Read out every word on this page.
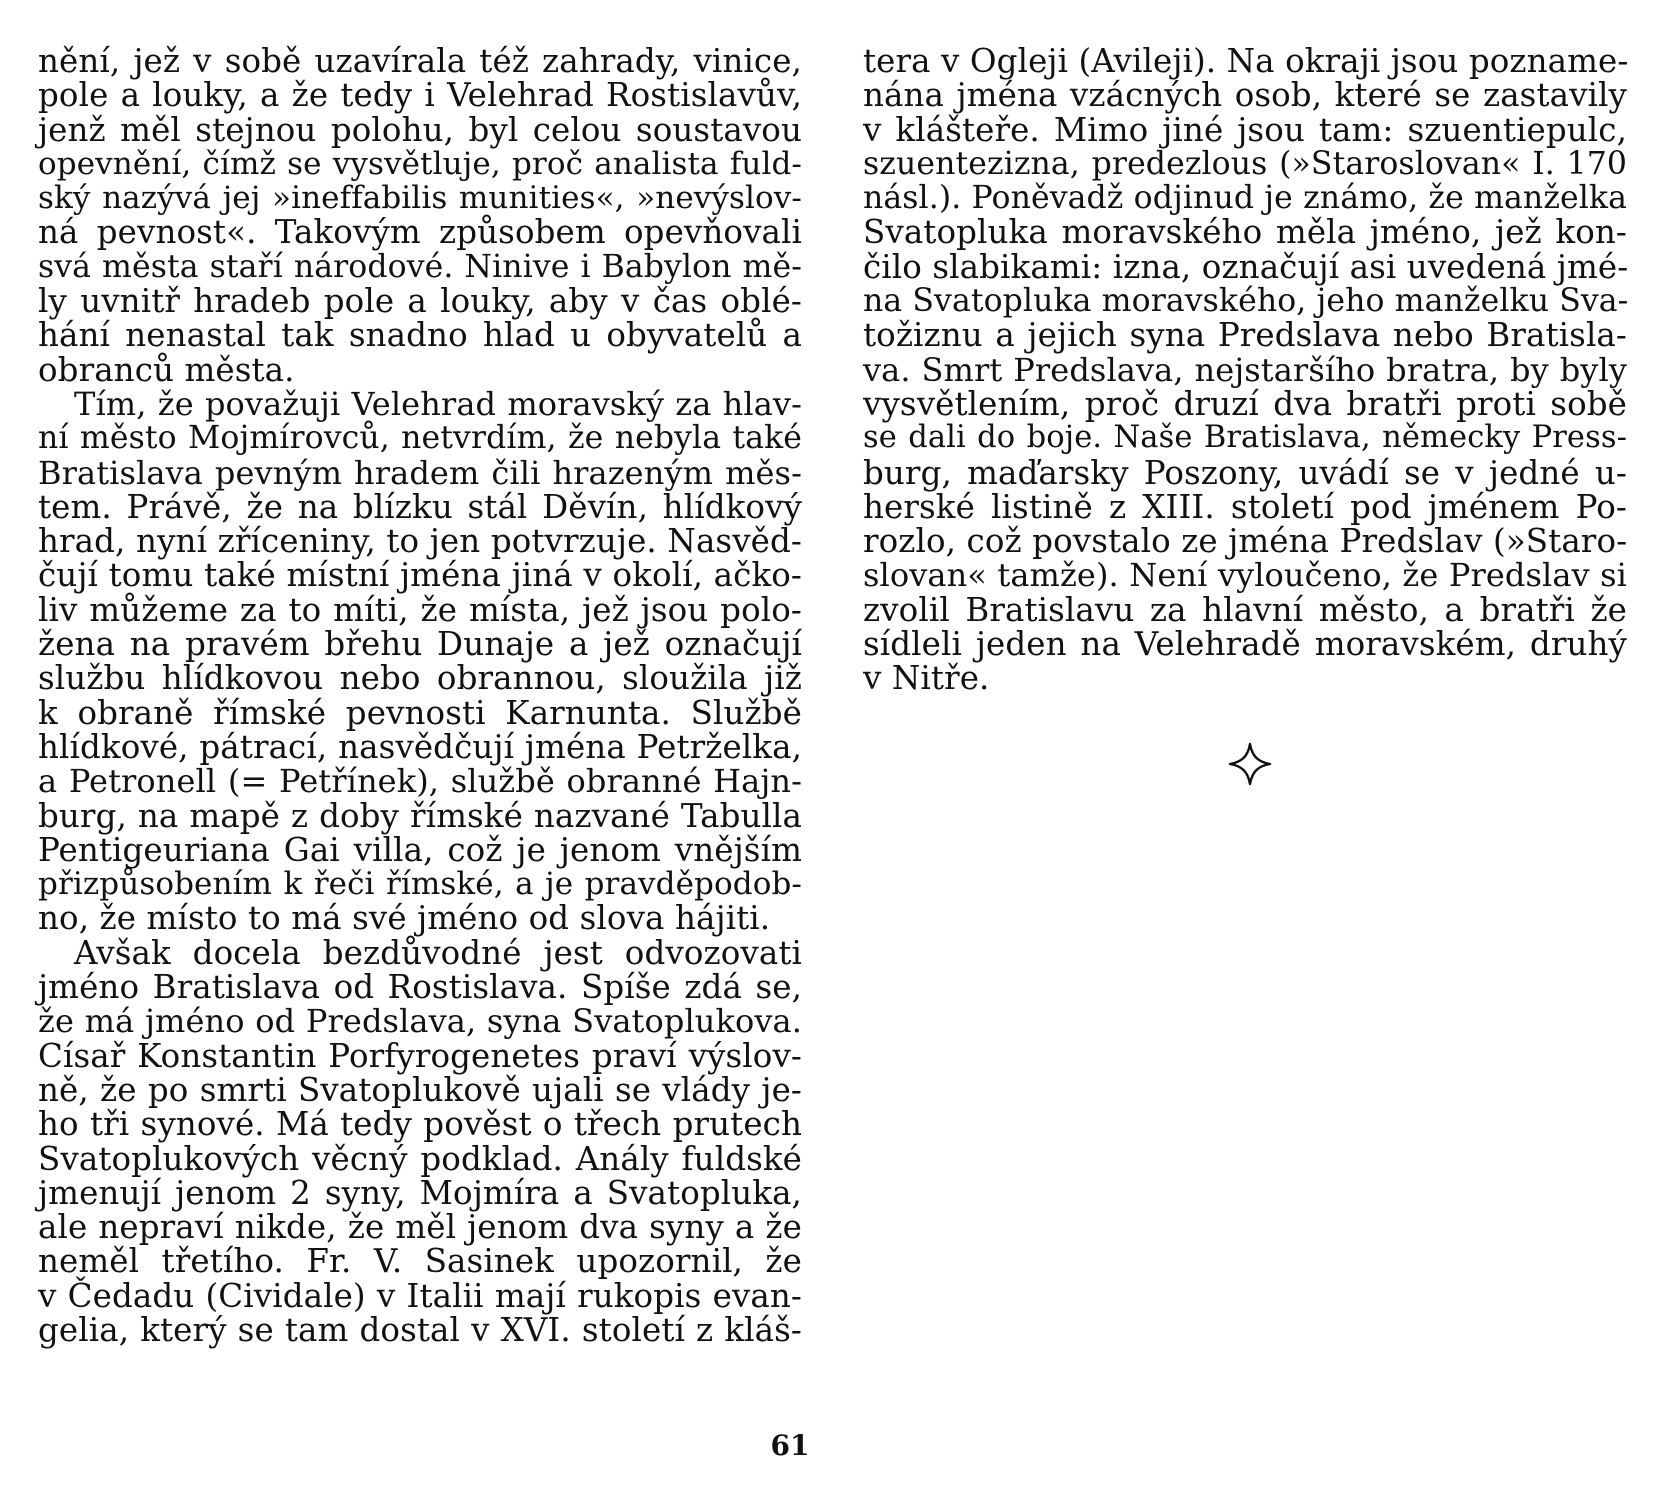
nění, jež v sobě uzavírala též zahrady, vinice,
pole a louky, a že tedy i Velehrad Rostislavův,
jenž měl stejnou polohu, byl celou soustavou
opevnění, čímž se vysvětluje, proč analista fuld-
ský nazývá jej »ineffabilis munities«, »nevýslov-
ná pevnost«. Takovým způsobem opevňovali
svá města staří národové. Ninive i Babylon mě-
ly uvnitř hradeb pole a louky, aby v čas oblé-
hání nenastal tak snadno hlad u obyvatelů a
obranců města.
Tím, že považuji Velehrad moravský za hlav-
ní město Mojmírovců, netvrdím, že nebyla také
Bratislava pevným hradem čili hrazeným měs-
tem. Právě, že na blízku stál Děvín, hlídkový
hrad, nyní zříceniny, to jen potvrzuje. Nasvěd-
čují tomu také místní jména jiná v okolí, ačko-
liv můžeme za to míti, že místa, jež jsou polo-
žena na pravém břehu Dunaje a jež označují
službu hlídkovou nebo obrannou, sloužila již
k obraně římské pevnosti Karnunta. Službě
hlídkové, pátrací, nasvědčují jména Petrželka,
a Petronell (= Petřínek), službě obranné Hajn-
burg, na mapě z doby římské nazvané Tabulla
Pentigeuriana Gai villa, což je jenom vnějším
přizpůsobením k řeči římské, a je pravděpodob-
no, že místo to má své jméno od slova hájiti.
Avšak docela bezdůvodné jest odvozovati
jméno Bratislava od Rostislava. Spíše zdá se,
že má jméno od Predslava, syna Svatoplukova.
Císař Konstantin Porfyrogenetes praví výslov-
ně, že po smrti Svatoplukově ujali se vlády je-
ho tři synové. Má tedy pověst o třech prutech
Svatoplukových věcný podklad. Anály fuldské
jmenují jenom 2 syny, Mojmíra a Svatopluka,
ale nepraví nikde, že měl jenom dva syny a že
neměl třetího. Fr. V. Sasinek upozornil, že
v Čedadu (Cividale) v Italii mají rukopis evan-
gelia, který se tam dostal v XVI. století z kláš-
tera v Ogleji (Avileji). Na okraji jsou pozname-
nána jména vzácných osob, které se zastavily
v klášteře. Mimo jiné jsou tam: szuentiepulc,
szuentezizna, predezlous (»Staroslovan« I. 170
násl.). Poněvadž odjinud je známo, že manželka
Svatopluka moravského měla jméno, jež kon-
čilo slabikami: izna, označují asi uvedená jmé-
na Svatopluka moravského, jeho manželku Sva-
tožiznu a jejich syna Predslava nebo Bratisla-
va. Smrt Predslava, nejstaršího bratra, by byly
vysvětlením, proč druzí dva bratři proti sobě
se dali do boje. Naše Bratislava, německy Press-
burg, maďarsky Poszony, uvádí se v jedné u-
herské listině z XIII. století pod jménem Po-
rozlo, což povstalo ze jména Predslav (»Staro-
slovan« tamže). Není vyloučeno, že Predslav si
zvolil Bratislavu za hlavní město, a bratři že
sídleli jeden na Velehradě moravském, druhý
v Nitře.
61
